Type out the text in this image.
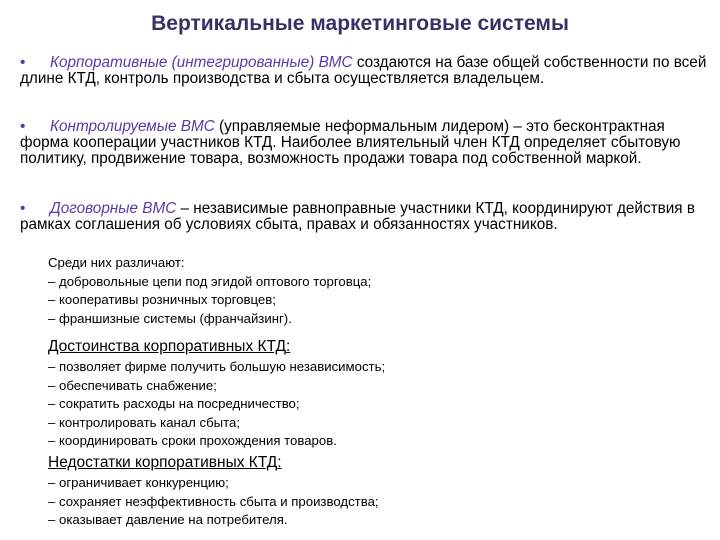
Вертикальные маркетинговые системы
• Корпоративные (интегрированные) ВМС создаются на базе общей собственности по всей длине КТД, контроль производства и сбыта осуществляется владельцем.
• Контролируемые ВМС (управляемые неформальным лидером) – это бесконтрактная форма кооперации участников КТД. Наиболее влиятельный член КТД определяет сбытовую политику, продвижение товара, возможность продажи товара под собственной маркой.
• Договорные ВМС – независимые равноправные участники КТД, координируют действия в рамках соглашения об условиях сбыта, правах и обязанностях участников.
Среди них различают:
– добровольные цепи под эгидой оптового торговца;
– кооперативы розничных торговцев;
– франшизные системы (франчайзинг).
Достоинства корпоративных КТД:
– позволяет фирме получить большую независимость;
– обеспечивать снабжение;
– сократить расходы на посредничество;
– контролировать канал сбыта;
– координировать сроки прохождения товаров.
Недостатки корпоративных КТД:
– ограничивает конкуренцию;
– сохраняет неэффективность сбыта и производства;
– оказывает давление на потребителя.
